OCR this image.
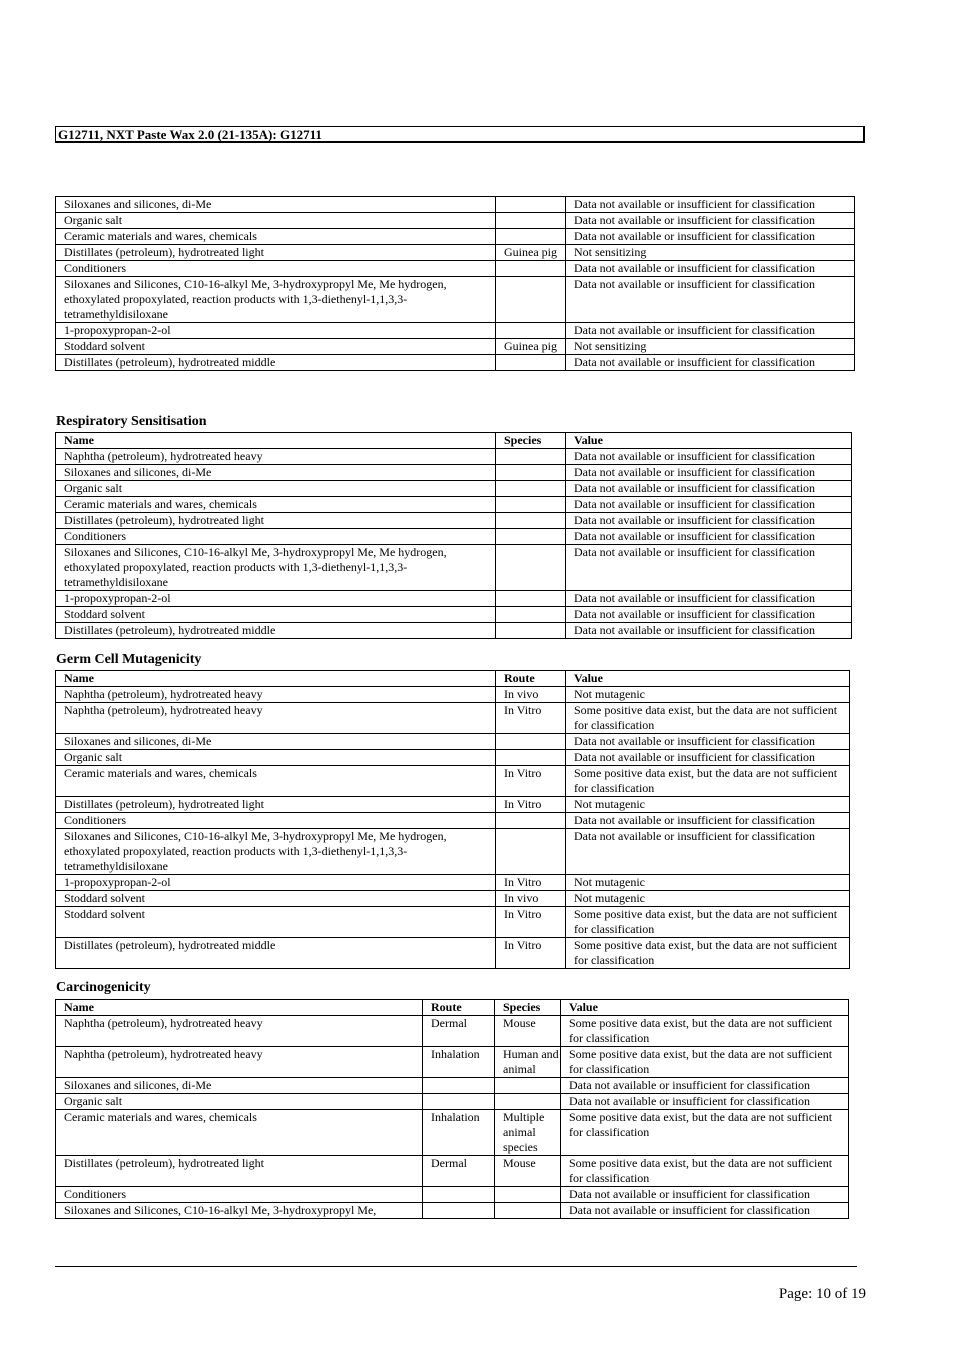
G12711, NXT Paste Wax 2.0 (21-135A): G12711
Siloxanes and silicones, di-Me		Data not available or insufficient for classification
Organic salt		Data not available or insufficient for classification
Ceramic materials and wares, chemicals		Data not available or insufficient for classification
Distillates (petroleum), hydrotreated light	Guinea pig	Not sensitizing
Conditioners		Data not available or insufficient for classification
Siloxanes and Silicones, C10-16-alkyl Me, 3-hydroxypropyl Me, Me hydrogen, ethoxylated propoxylated, reaction products with 1,3-diethenyl-1,1,3,3-tetramethyldisiloxane		Data not available or insufficient for classification
1-propoxypropan-2-ol		Data not available or insufficient for classification
Stoddard solvent	Guinea pig	Not sensitizing
Distillates (petroleum), hydrotreated middle		Data not available or insufficient for classification
Respiratory Sensitisation
Name	Species	Value
Naphtha (petroleum), hydrotreated heavy		Data not available or insufficient for classification
Siloxanes and silicones, di-Me		Data not available or insufficient for classification
Organic salt		Data not available or insufficient for classification
Ceramic materials and wares, chemicals		Data not available or insufficient for classification
Distillates (petroleum), hydrotreated light		Data not available or insufficient for classification
Conditioners		Data not available or insufficient for classification
Siloxanes and Silicones, C10-16-alkyl Me, 3-hydroxypropyl Me, Me hydrogen, ethoxylated propoxylated, reaction products with 1,3-diethenyl-1,1,3,3-tetramethyldisiloxane		Data not available or insufficient for classification
1-propoxypropan-2-ol		Data not available or insufficient for classification
Stoddard solvent		Data not available or insufficient for classification
Distillates (petroleum), hydrotreated middle		Data not available or insufficient for classification
Germ Cell Mutagenicity
Name	Route	Value
Naphtha (petroleum), hydrotreated heavy	In vivo	Not mutagenic
Naphtha (petroleum), hydrotreated heavy	In Vitro	Some positive data exist, but the data are not sufficient for classification
Siloxanes and silicones, di-Me		Data not available or insufficient for classification
Organic salt		Data not available or insufficient for classification
Ceramic materials and wares, chemicals	In Vitro	Some positive data exist, but the data are not sufficient for classification
Distillates (petroleum), hydrotreated light	In Vitro	Not mutagenic
Conditioners		Data not available or insufficient for classification
Siloxanes and Silicones, C10-16-alkyl Me, 3-hydroxypropyl Me, Me hydrogen, ethoxylated propoxylated, reaction products with 1,3-diethenyl-1,1,3,3-tetramethyldisiloxane		Data not available or insufficient for classification
1-propoxypropan-2-ol	In Vitro	Not mutagenic
Stoddard solvent	In vivo	Not mutagenic
Stoddard solvent	In Vitro	Some positive data exist, but the data are not sufficient for classification
Distillates (petroleum), hydrotreated middle	In Vitro	Some positive data exist, but the data are not sufficient for classification
Carcinogenicity
Name	Route	Species	Value
Naphtha (petroleum), hydrotreated heavy	Dermal	Mouse	Some positive data exist, but the data are not sufficient for classification
Naphtha (petroleum), hydrotreated heavy	Inhalation	Human and animal	Some positive data exist, but the data are not sufficient for classification
Siloxanes and silicones, di-Me			Data not available or insufficient for classification
Organic salt			Data not available or insufficient for classification
Ceramic materials and wares, chemicals	Inhalation	Multiple animal species	Some positive data exist, but the data are not sufficient for classification
Distillates (petroleum), hydrotreated light	Dermal	Mouse	Some positive data exist, but the data are not sufficient for classification
Conditioners			Data not available or insufficient for classification
Siloxanes and Silicones, C10-16-alkyl Me, 3-hydroxypropyl Me,			Data not available or insufficient for classification
Page: 10 of 19
